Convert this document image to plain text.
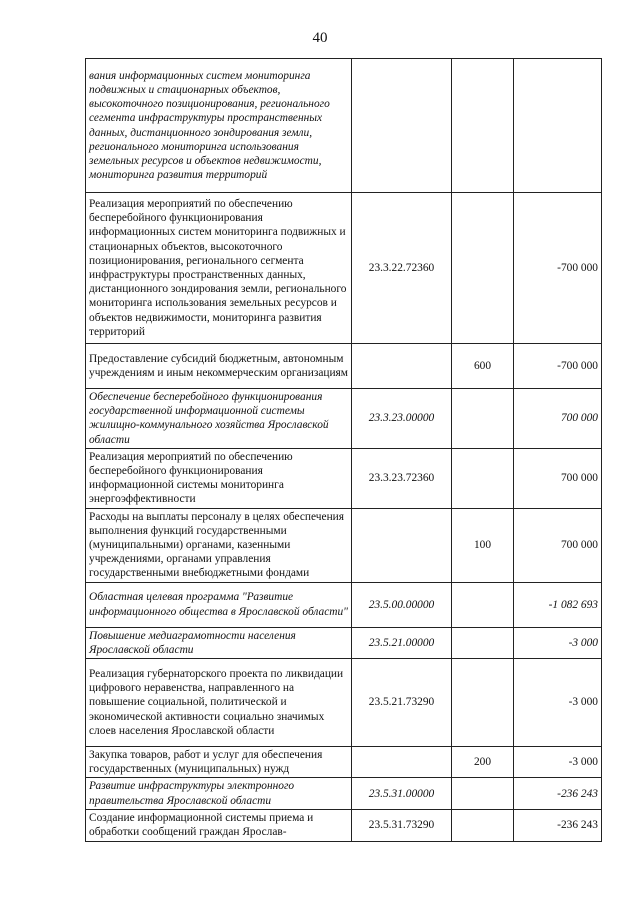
40
вания информационных систем мониторинга подвижных и стационарных объектов, высокоточного позиционирования, регионального сегмента инфраструктуры пространственных данных, дистанционного зондирования земли, регионального мониторинга использования земельных ресурсов и объектов недвижимости, мониторинга развития территорий			
Реализация мероприятий по обеспечению бесперебойного функционирования информационных систем мониторинга подвижных и стационарных объектов, высокоточного позиционирования, регионального сегмента инфраструктуры пространственных данных, дистанционного зондирования земли, регионального мониторинга использования земельных ресурсов и объектов недвижимости, мониторинга развития территорий	23.3.22.72360		-700 000
Предоставление субсидий бюджетным, автономным учреждениям и иным некоммерческим организациям		600	-700 000
Обеспечение бесперебойного функционирования государственной информационной системы жилищно-коммунального хозяйства Ярославской области	23.3.23.00000		700 000
Реализация мероприятий по обеспечению бесперебойного функционирования информационной системы мониторинга энергоэффективности	23.3.23.72360		700 000
Расходы на выплаты персоналу в целях обеспечения выполнения функций государственными (муниципальными) органами, казенными учреждениями, органами управления государственными внебюджетными фондами		100	700 000
Областная целевая программа "Развитие информационного общества в Ярославской области"	23.5.00.00000		-1 082 693
Повышение медиаграмотности населения Ярославской области	23.5.21.00000		-3 000
Реализация губернаторского проекта по ликвидации цифрового неравенства, направленного на повышение социальной, политической и экономической активности социально значимых слоев населения Ярославской области	23.5.21.73290		-3 000
Закупка товаров, работ и услуг для обеспечения государственных (муниципальных) нужд		200	-3 000
Развитие инфраструктуры электронного правительства Ярославской области	23.5.31.00000		-236 243
Создание информационной системы приема и обработки сообщений граждан Ярослав-	23.5.31.73290		-236 243
